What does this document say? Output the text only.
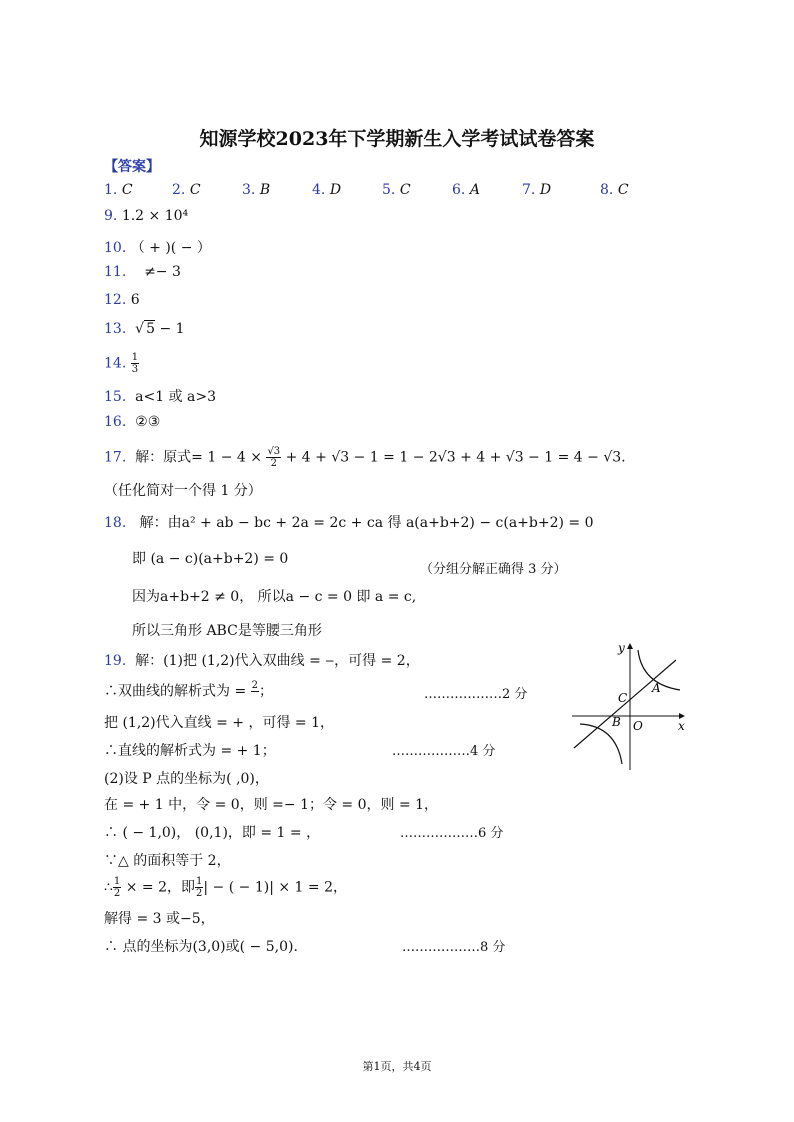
知源学校2023年下学期新生入学考试试卷答案
【答案】
1. C	2. C	3. B	4. D	5. C	6. A	7. D	8. C
9. 1.2 × 10⁴
10. （ + )( − ）
11. ≠− 3
12. 6
13.  √ 5 − 1
14. $\frac{1}{3}$
15. a<1 或 a>3
16. ②③
17. 解：原式= $1 - 4 \times \frac{√3}{2} + 4 + √3 - 1 = 1 - 2√3 + 4 + √3 - 1 = 4 - √3$.
（任化简对一个得 1 分）
18. 解：由a² + ab − bc + 2a = 2c + ca 得 a(a+b+2) − c(a+b+2) = 0
即 (a − c)(a+b+2) = 0
（分组分解正确得 3 分）
因为a+b+2 ≠ 0， 所以a − c = 0 即 a = c,
所以三角形 ABC是等腰三角形
19. 解：(1)把 (1,2)代入双曲线 = ‒，可得 = 2，
∴双曲线的解析式为 = 2
；	………………2 分
把 (1,2)代入直线 = + ，可得 = 1，
∴直线的解析式为 = + 1；	………………4 分
(2)设 P 点的坐标为( ,0)，
在 = + 1 中，令 = 0，则 =− 1；令 = 0，则 = 1，
∴ ( − 1,0)， (0,1)，即 = 1 = ，	………………6 分
∵△ 的面积等于 2，
∴ $\frac{1}{2}$ × = 2，即 $\frac{1}{2}$ | − ( − 1)| × 1 = 2，
解得 = 3 或−5，
∴ 点的坐标为(3,0)或( − 5,0).	………………8 分
y
x
A
C
B O
第1页，共4页
